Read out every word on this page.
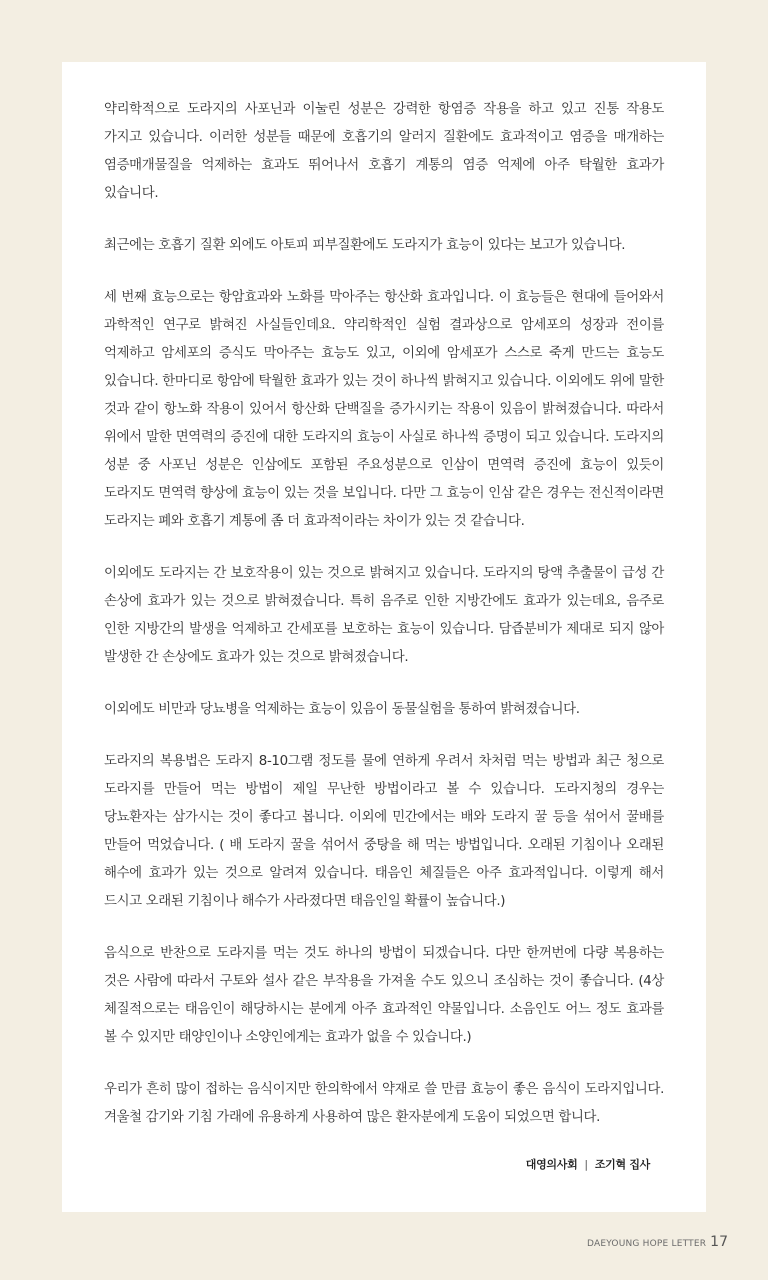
약리학적으로 도라지의 사포닌과 이눌린 성분은 강력한 항염증 작용을 하고 있고 진통 작용도 가지고 있습니다. 이러한 성분들 때문에 호흡기의 알러지 질환에도 효과적이고 염증을 매개하는 염증매개물질을 억제하는 효과도 뛰어나서 호흡기 계통의 염증 억제에 아주 탁월한 효과가 있습니다.

최근에는 호흡기 질환 외에도 아토피 피부질환에도 도라지가 효능이 있다는 보고가 있습니다.

세 번째 효능으로는 항암효과와 노화를 막아주는 항산화 효과입니다. 이 효능들은 현대에 들어와서 과학적인 연구로 밝혀진 사실들인데요. 약리학적인 실험 결과상으로 암세포의 성장과 전이를 억제하고 암세포의 증식도 막아주는 효능도 있고, 이외에 암세포가 스스로 죽게 만드는 효능도 있습니다. 한마디로 항암에 탁월한 효과가 있는 것이 하나씩 밝혀지고 있습니다. 이외에도 위에 말한 것과 같이 항노화 작용이 있어서 항산화 단백질을 증가시키는 작용이 있음이 밝혀졌습니다. 따라서 위에서 말한 면역력의 증진에 대한 도라지의 효능이 사실로 하나씩 증명이 되고 있습니다. 도라지의 성분 중 사포닌 성분은 인삼에도 포함된 주요성분으로 인삼이 면역력 증진에 효능이 있듯이 도라지도 면역력 향상에 효능이 있는 것을 보입니다. 다만 그 효능이 인삼 같은 경우는 전신적이라면 도라지는 폐와 호흡기 계통에 좀 더 효과적이라는 차이가 있는 것 같습니다.

이외에도 도라지는 간 보호작용이 있는 것으로 밝혀지고 있습니다. 도라지의 탕액 추출물이 급성 간 손상에 효과가 있는 것으로 밝혀졌습니다. 특히 음주로 인한 지방간에도 효과가 있는데요, 음주로 인한 지방간의 발생을 억제하고 간세포를 보호하는 효능이 있습니다. 담즙분비가 제대로 되지 않아 발생한 간 손상에도 효과가 있는 것으로 밝혀졌습니다.

이외에도 비만과 당뇨병을 억제하는 효능이 있음이 동물실험을 통하여 밝혀졌습니다.

도라지의 복용법은 도라지 8-10그램 정도를 물에 연하게 우려서 차처럼 먹는 방법과 최근 청으로 도라지를 만들어 먹는 방법이 제일 무난한 방법이라고 볼 수 있습니다. 도라지청의 경우는 당뇨환자는 삼가시는 것이 좋다고 봅니다. 이외에 민간에서는 배와 도라지 꿀 등을 섞어서 꿀배를 만들어 먹었습니다. ( 배 도라지 꿀을 섞어서 중탕을 해 먹는 방법입니다. 오래된 기침이나 오래된 해수에 효과가 있는 것으로 알려져 있습니다. 태음인 체질들은 아주 효과적입니다. 이렇게 해서 드시고 오래된 기침이나 해수가 사라졌다면 태음인일 확률이 높습니다.)

음식으로 반찬으로 도라지를 먹는 것도 하나의 방법이 되겠습니다. 다만 한꺼번에 다량 복용하는 것은 사람에 따라서 구토와 설사 같은 부작용을 가져올 수도 있으니 조심하는 것이 좋습니다. (4상 체질적으로는 태음인이 해당하시는 분에게 아주 효과적인 약물입니다. 소음인도 어느 정도 효과를 볼 수 있지만 태양인이나 소양인에게는 효과가 없을 수 있습니다.)

우리가 흔히 많이 접하는 음식이지만 한의학에서 약재로 쓸 만큼 효능이 좋은 음식이 도라지입니다. 겨울철 감기와 기침 가래에 유용하게 사용하여 많은 환자분에게 도움이 되었으면 합니다.

대영의사회 | 조기혁 집사
DAEYOUNG HOPE LETTER 17
